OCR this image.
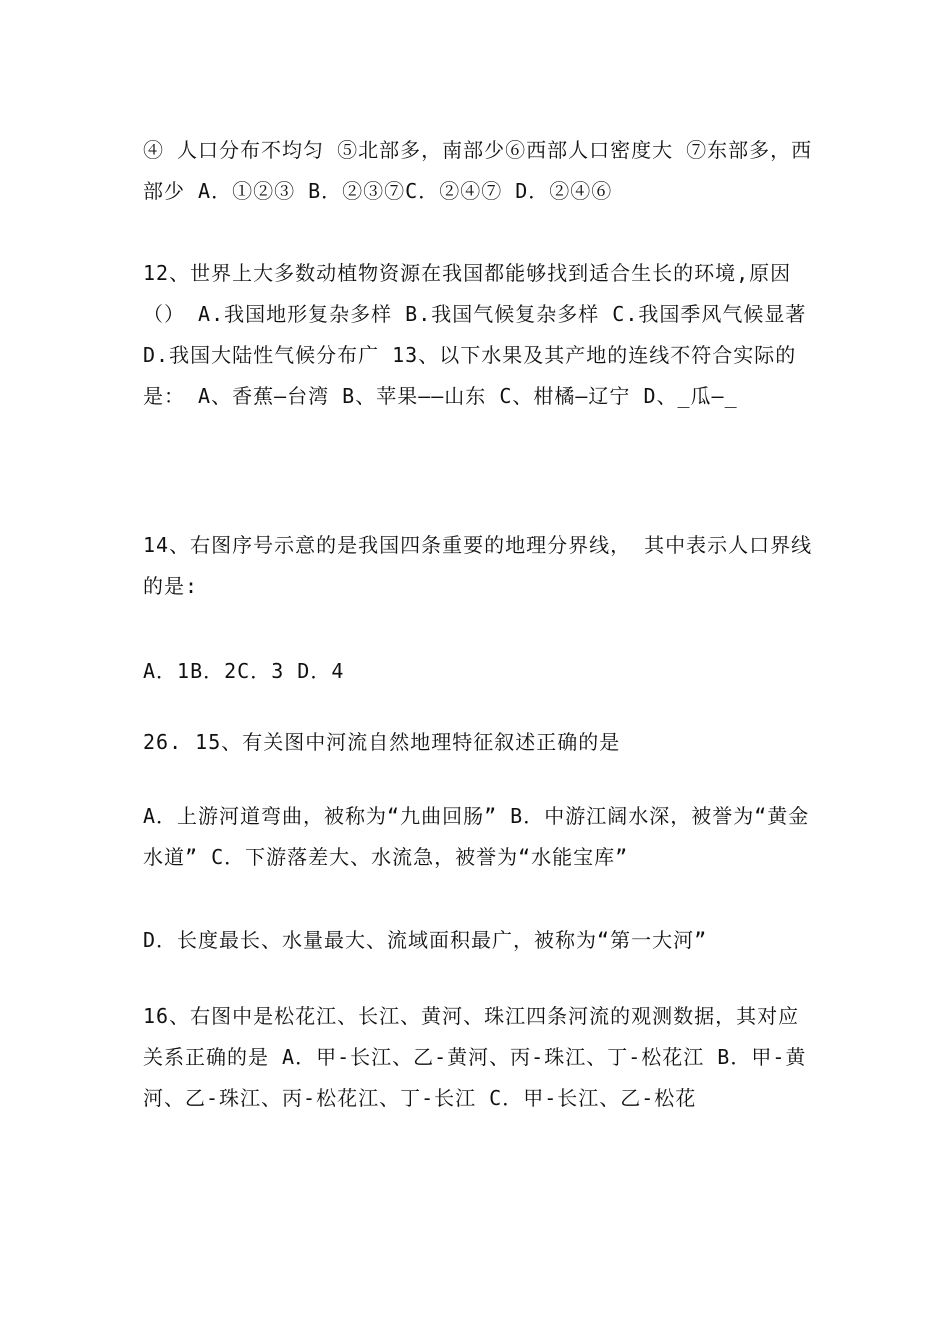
④ 人口分布不均匀 ⑤北部多，南部少⑥西部人口密度大 ⑦东部多，西部少 A．①②③ B．②③⑦C．②④⑦ D．②④⑥

12、世界上大多数动植物资源在我国都能够找到适合生长的环境,原因（） A.我国地形复杂多样 B.我国气候复杂多样 C.我国季风气候显著 D.我国大陆性气候分布广 13、以下水果及其产地的连线不符合实际的是： A、香蕉—台湾 B、苹果——山东 C、柑橘—辽宁 D、_瓜—_

14、右图序号示意的是我国四条重要的地理分界线， 其中表示人口界线的是:

A．1B．2C．3 D．4

26. 15、有关图中河流自然地理特征叙述正确的是

A．上游河道弯曲，被称为“九曲回肠” B．中游江阔水深，被誉为“黄金水道” C．下游落差大、水流急，被誉为“水能宝库”

D．长度最长、水量最大、流域面积最广，被称为“第一大河”

16、右图中是松花江、长江、黄河、珠江四条河流的观测数据，其对应关系正确的是 A．甲-长江、乙-黄河、丙-珠江、丁-松花江 B．甲-黄河、乙-珠江、丙-松花江、丁-长江 C．甲-长江、乙-松花
